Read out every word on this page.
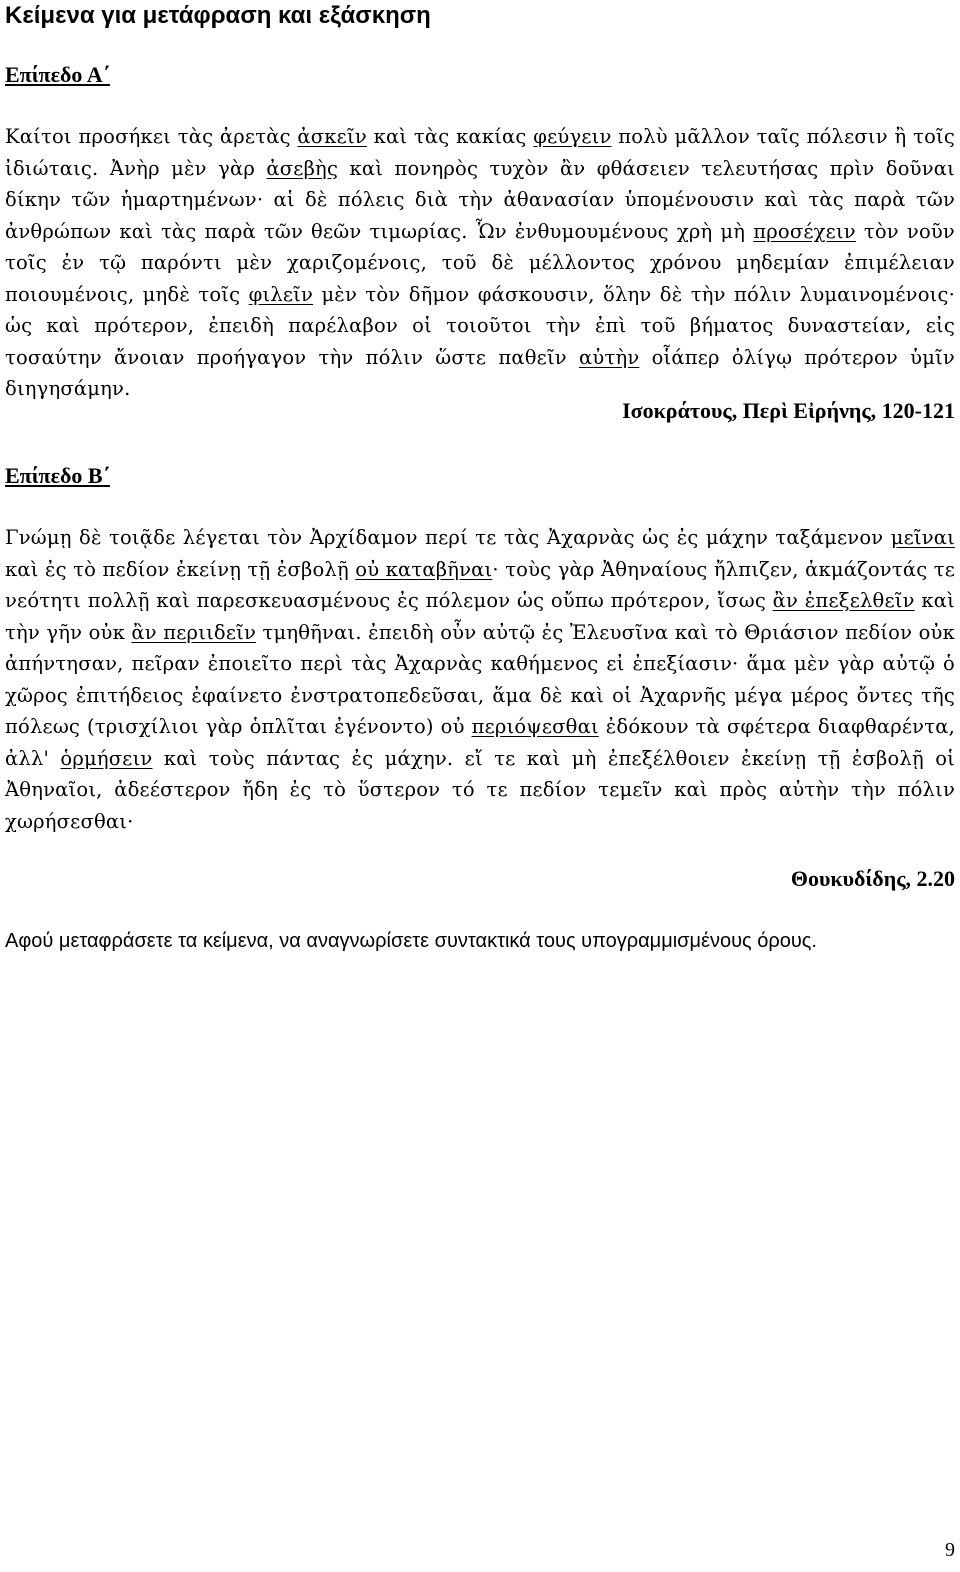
Κείμενα για μετάφραση και εξάσκηση
Επίπεδο Α΄
Καίτοι προσήκει τὰς ἀρετὰς ἀσκεῖν καὶ τὰς κακίας φεύγειν πολὺ μᾶλλον ταῖς πόλεσιν ἢ τοῖς ἰδιώταις. Ἀνὴρ μὲν γὰρ ἀσεβὴς καὶ πονηρὸς τυχὸν ἂν φθάσειεν τελευτήσας πρὶν δοῦναι δίκην τῶν ἡμαρτημένων· αἱ δὲ πόλεις διὰ τὴν ἀθανασίαν ὑπομένουσιν καὶ τὰς παρὰ τῶν ἀνθρώπων καὶ τὰς παρὰ τῶν θεῶν τιμωρίας. Ὧν ἐνθυμουμένους χρὴ μὴ προσέχειν τὸν νοῦν τοῖς ἐν τῷ παρόντι μὲν χαριζομένοις, τοῦ δὲ μέλλοντος χρόνου μηδεμίαν ἐπιμέλειαν ποιουμένοις, μηδὲ τοῖς φιλεῖν μὲν τὸν δῆμον φάσκουσιν, ὅλην δὲ τὴν πόλιν λυμαινομένοις· ὡς καὶ πρότερον, ἐπειδὴ παρέλαβον οἱ τοιοῦτοι τὴν ἐπὶ τοῦ βήματος δυναστείαν, εἰς τοσαύτην ἄνοιαν προήγαγον τὴν πόλιν ὥστε παθεῖν αὐτὴν οἷάπερ ὀλίγῳ πρότερον ὑμῖν διηγησάμην.
Ισοκράτους, Περὶ Εἰρήνης, 120-121
Επίπεδο Β΄
Γνώμῃ δὲ τοιᾷδε λέγεται τὸν Ἀρχίδαμον περί τε τὰς Ἀχαρνὰς ὡς ἐς μάχην ταξάμενον μεῖναι καὶ ἐς τὸ πεδίον ἐκείνῃ τῇ ἐσβολῇ οὐ καταβῆναι· τοὺς γὰρ Ἀθηναίους ἤλπιζεν, ἀκμάζοντάς τε νεότητι πολλῇ καὶ παρεσκευασμένους ἐς πόλεμον ὡς οὔπω πρότερον, ἴσως ἂν ἐπεξελθεῖν καὶ τὴν γῆν οὐκ ἂν περιιδεῖν τμηθῆναι. ἐπειδὴ οὖν αὐτῷ ἐς Ἐλευσῖνα καὶ τὸ Θριάσιον πεδίον οὐκ ἀπήντησαν, πεῖραν ἐποιεῖτο περὶ τὰς Ἀχαρνὰς καθήμενος εἰ ἐπεξίασιν· ἅμα μὲν γὰρ αὐτῷ ὁ χῶρος ἐπιτήδειος ἐφαίνετο ἐνστρατοπεδεῦσαι, ἅμα δὲ καὶ οἱ Ἀχαρνῆς μέγα μέρος ὄντες τῆς πόλεως (τρισχίλιοι γὰρ ὁπλῖται ἐγένοντο) οὐ περιόψεσθαι ἐδόκουν τὰ σφέτερα διαφθαρέντα, ἀλλ' ὁρμήσειν καὶ τοὺς πάντας ἐς μάχην. εἴ τε καὶ μὴ ἐπεξέλθοιεν ἐκείνῃ τῇ ἐσβολῇ οἱ Ἀθηναῖοι, ἀδεέστερον ἤδη ἐς τὸ ὕστερον τό τε πεδίον τεμεῖν καὶ πρὸς αὐτὴν τὴν πόλιν χωρήσεσθαι·
Θουκυδίδης, 2.20
Αφού μεταφράσετε τα κείμενα, να αναγνωρίσετε συντακτικά τους υπογραμμισμένους όρους.
9
